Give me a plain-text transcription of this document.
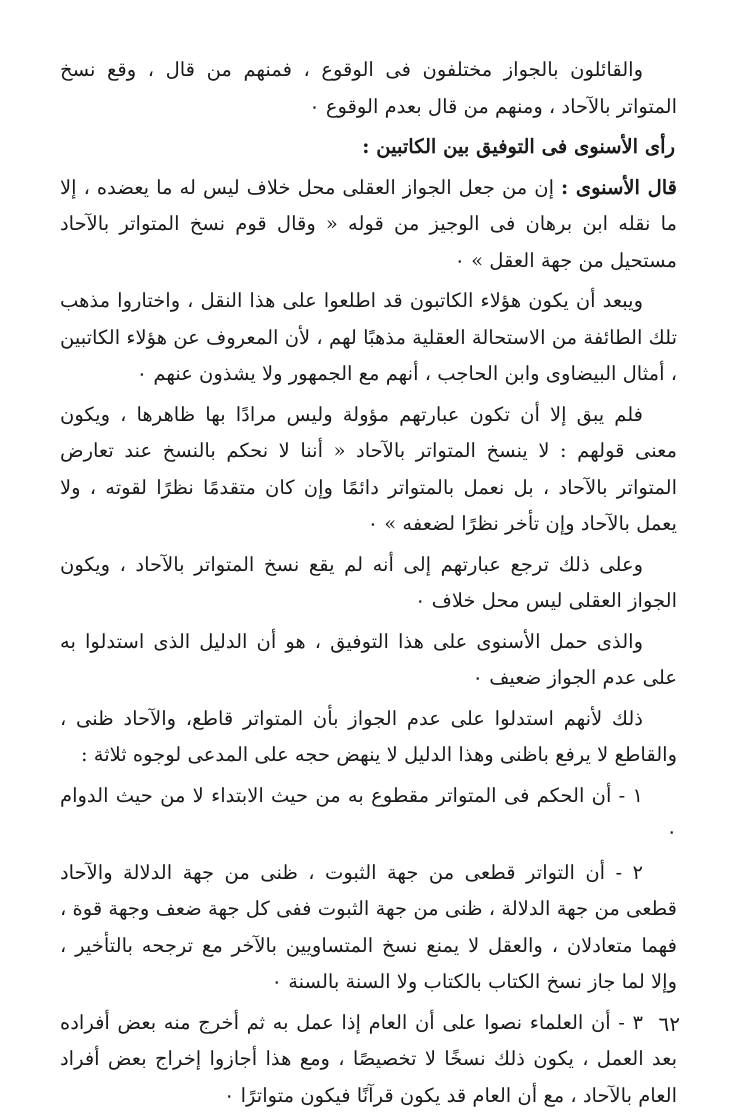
والقائلون بالجواز مختلفون فى الوقوع ، فمنهم من قال ، وقع نسخ المتواتر بالآحاد ، ومنهم من قال بعدم الوقوع ٠

رأى الأسنوى فى التوفيق بين الكاتبين :

قال الأسنوى : إن من جعل الجواز العقلى محل خلاف ليس له ما يعضده ، إلا ما نقله ابن برهان فى الوجيز من قوله « وقال قوم نسخ المتواتر بالآحاد مستحيل من جهة العقل » ٠

ويبعد أن يكون هؤلاء الكاتبون قد اطلعوا على هذا النقل ، واختاروا مذهب تلك الطائفة من الاستحالة العقلية مذهبًا لهم ، لأن المعروف عن هؤلاء الكاتبين ، أمثال البيضاوى وابن الحاجب ، أنهم مع الجمهور ولا يشذون عنهم ٠

فلم يبق إلا أن تكون عبارتهم مؤولة وليس مرادًا بها ظاهرها ، ويكون معنى قولهم : لا ينسخ المتواتر بالآحاد « أننا لا نحكم بالنسخ عند تعارض المتواتر بالآحاد ، بل نعمل بالمتواتر دائمًا وإن كان متقدمًا نظرًا لقوته ، ولا يعمل بالآحاد وإن تأخر نظرًا لضعفه » ٠

وعلى ذلك ترجع عبارتهم إلى أنه لم يقع نسخ المتواتر بالآحاد ، ويكون الجواز العقلى ليس محل خلاف ٠

والذى حمل الأسنوى على هذا التوفيق ، هو أن الدليل الذى استدلوا به على عدم الجواز ضعيف ٠

ذلك لأنهم استدلوا على عدم الجواز بأن المتواتر قاطع، والآحاد ظنى ، والقاطع لا يرفع باظنى وهذا الدليل لا ينهض حجه على المدعى لوجوه ثلاثة :

١ - أن الحكم فى المتواتر مقطوع به من حيث الابتداء لا من حيث الدوام ٠

٢ - أن التواتر قطعى من جهة الثبوت ، ظنى من جهة الدلالة والآحاد قطعى من جهة الدلالة ، ظنى من جهة الثبوت ففى كل جهة ضعف وجهة قوة ، فهما متعادلان ، والعقل لا يمنع نسخ المتساويين بالآخر مع ترجحه بالتأخير ، وإلا لما جاز نسخ الكتاب بالكتاب ولا السنة بالسنة ٠

٣ - أن العلماء نصوا على أن العام إذا عمل به ثم أخرج منه بعض أفراده بعد العمل ، يكون ذلك نسخًا لا تخصيصًا ، ومع هذا أجازوا إخراج بعض أفراد العام بالآحاد ، مع أن العام قد يكون قرآنًا فيكون متواترًا ٠

٦٢
